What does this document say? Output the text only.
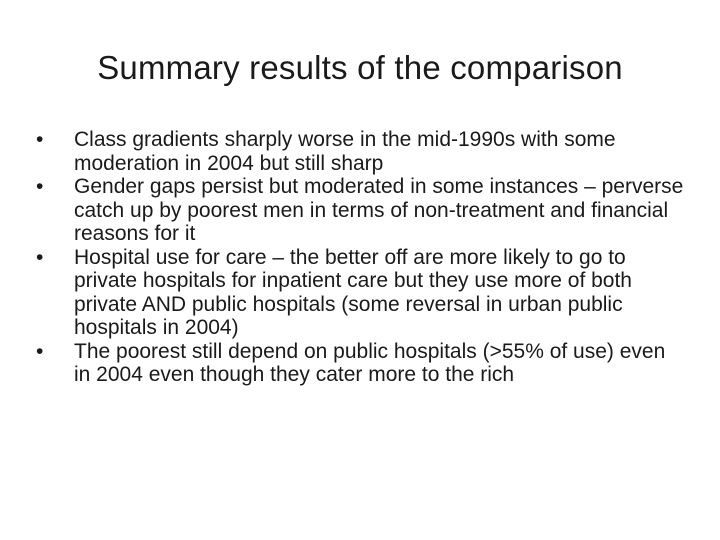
Summary results of the comparison
•	Class gradients sharply worse in the mid-1990s with some moderation in 2004 but still sharp
•	Gender gaps persist but moderated in some instances – perverse catch up by poorest men in terms of non-treatment and financial reasons for it
•	Hospital use for care – the better off are more likely to go to private hospitals for inpatient care but they use more of both private AND public hospitals (some reversal in urban public hospitals in 2004)
•	The poorest still depend on public hospitals (>55% of use) even in 2004 even though they cater more to the rich
